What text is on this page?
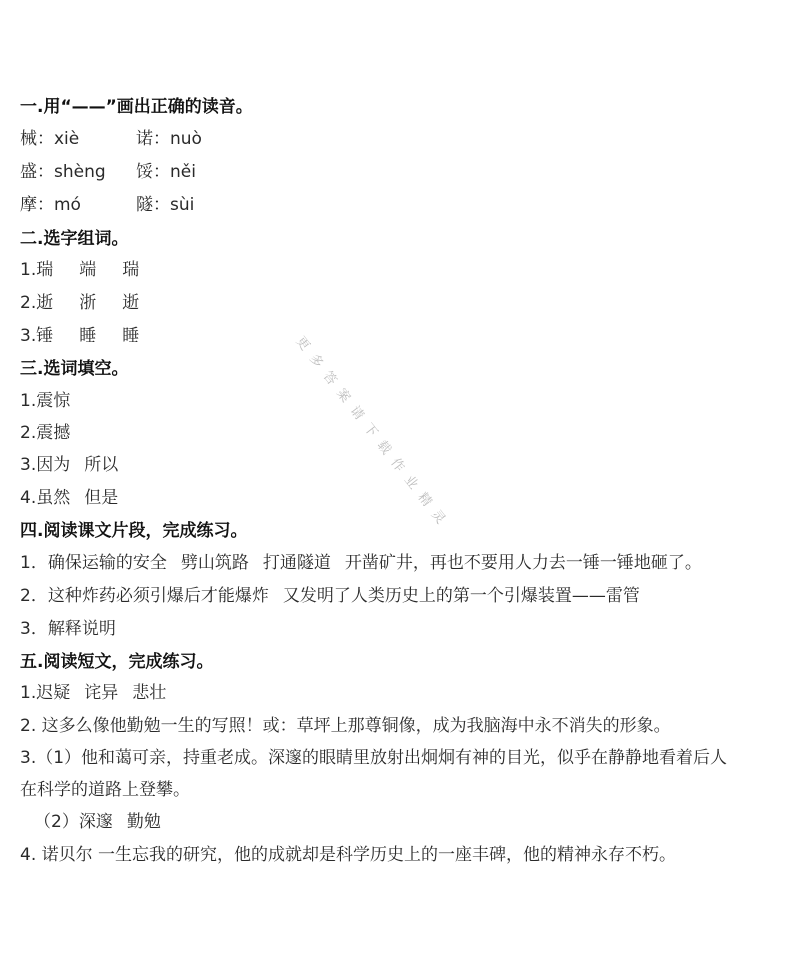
一.用“——”画出正确的读音。
械：xiè	诺：nuò
盛：shèng 馁：něi
摩：mó	隧：sùi
二.选字组词。
1.瑞 端 瑞
2.逝 浙 逝
3.锤 睡 睡
三.选词填空。
1.震惊
2.震撼
3.因为 所以
4.虽然 但是
四.阅读课文片段，完成练习。
1．确保运输的安全 劈山筑路 打通隧道 开凿矿井，再也不要用人力去一锤一锤地砸了。
2．这种炸药必须引爆后才能爆炸 又发明了人类历史上的第一个引爆装置——雷管
3．解释说明
五.阅读短文，完成练习。
1.迟疑 诧异 悲壮
2. 这多么像他勤勉一生的写照！或：草坪上那尊铜像，成为我脑海中永不消失的形象。
3.（1）他和蔼可亲，持重老成。深邃的眼睛里放射出炯炯有神的目光，似乎在静静地看着后人
在科学的道路上登攀。
（2）深邃 勤勉
4. 诺贝尔 一生忘我的研究，他的成就却是科学历史上的一座丰碑，他的精神永存不朽。
更多答案请下载作业精灵
